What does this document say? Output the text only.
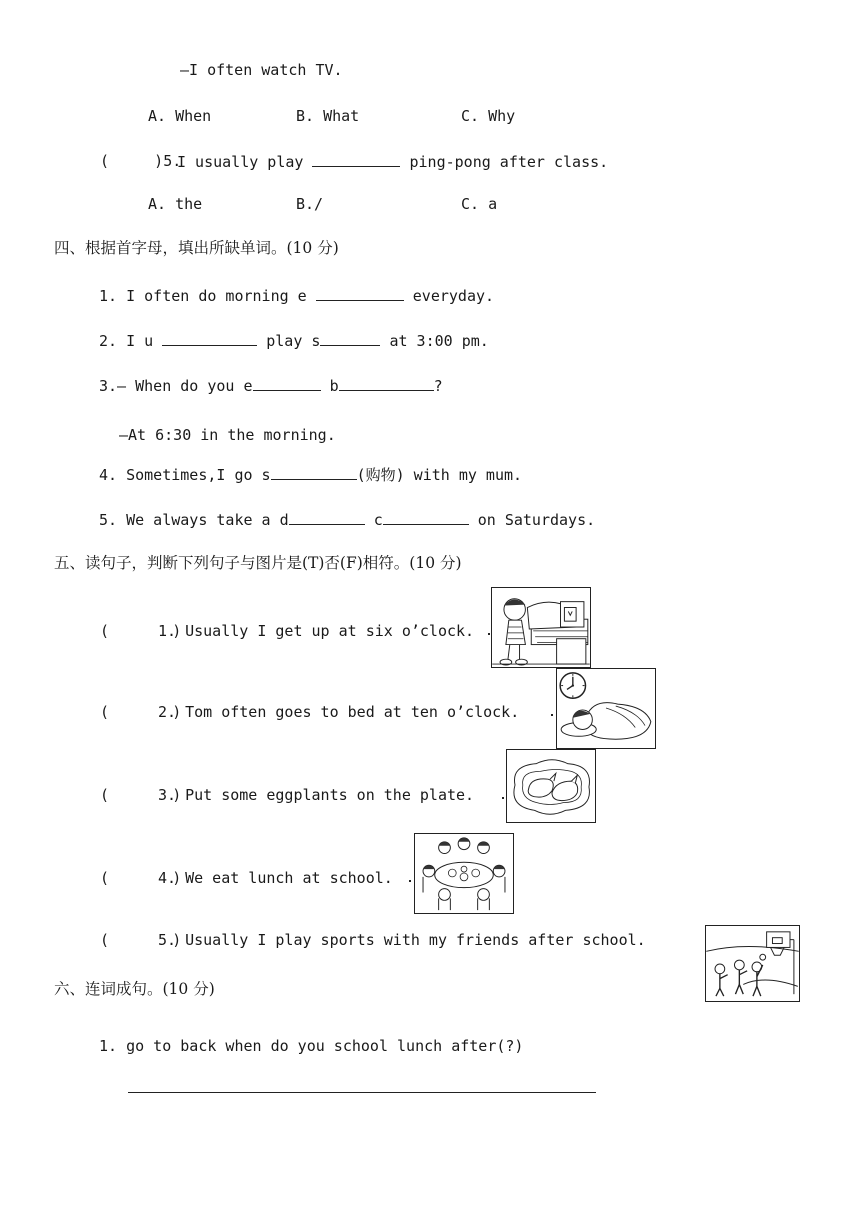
—I often watch TV.
A. When	B. What	C. Why
(     )5.
I usually play	ping-pong after class.
A. the	B./	C. a
四、根据首字母，填出所缺单词。(10 分)
1. I often do morning e	everyday.
2. I u	play s	at 3:00 pm.
3.— When do you e	b	?
—At 6:30 in the morning.
4. Sometimes,I go s	(购物) with my mum.
5. We always take a d	c	on Saturdays.
五、读句子，判断下列句子与图片是(T)否(F)相符。(10 分)
(       )
1. Usually I get up at six o’clock.
(       )
2. Tom often goes to bed at ten o’clock.
(       )
3. Put some eggplants on the plate.
(       )
4. We eat lunch at school.
(       )
5. Usually I play sports with my friends after school.
六、连词成句。(10 分)
1. go to back when do you school lunch after(?)
